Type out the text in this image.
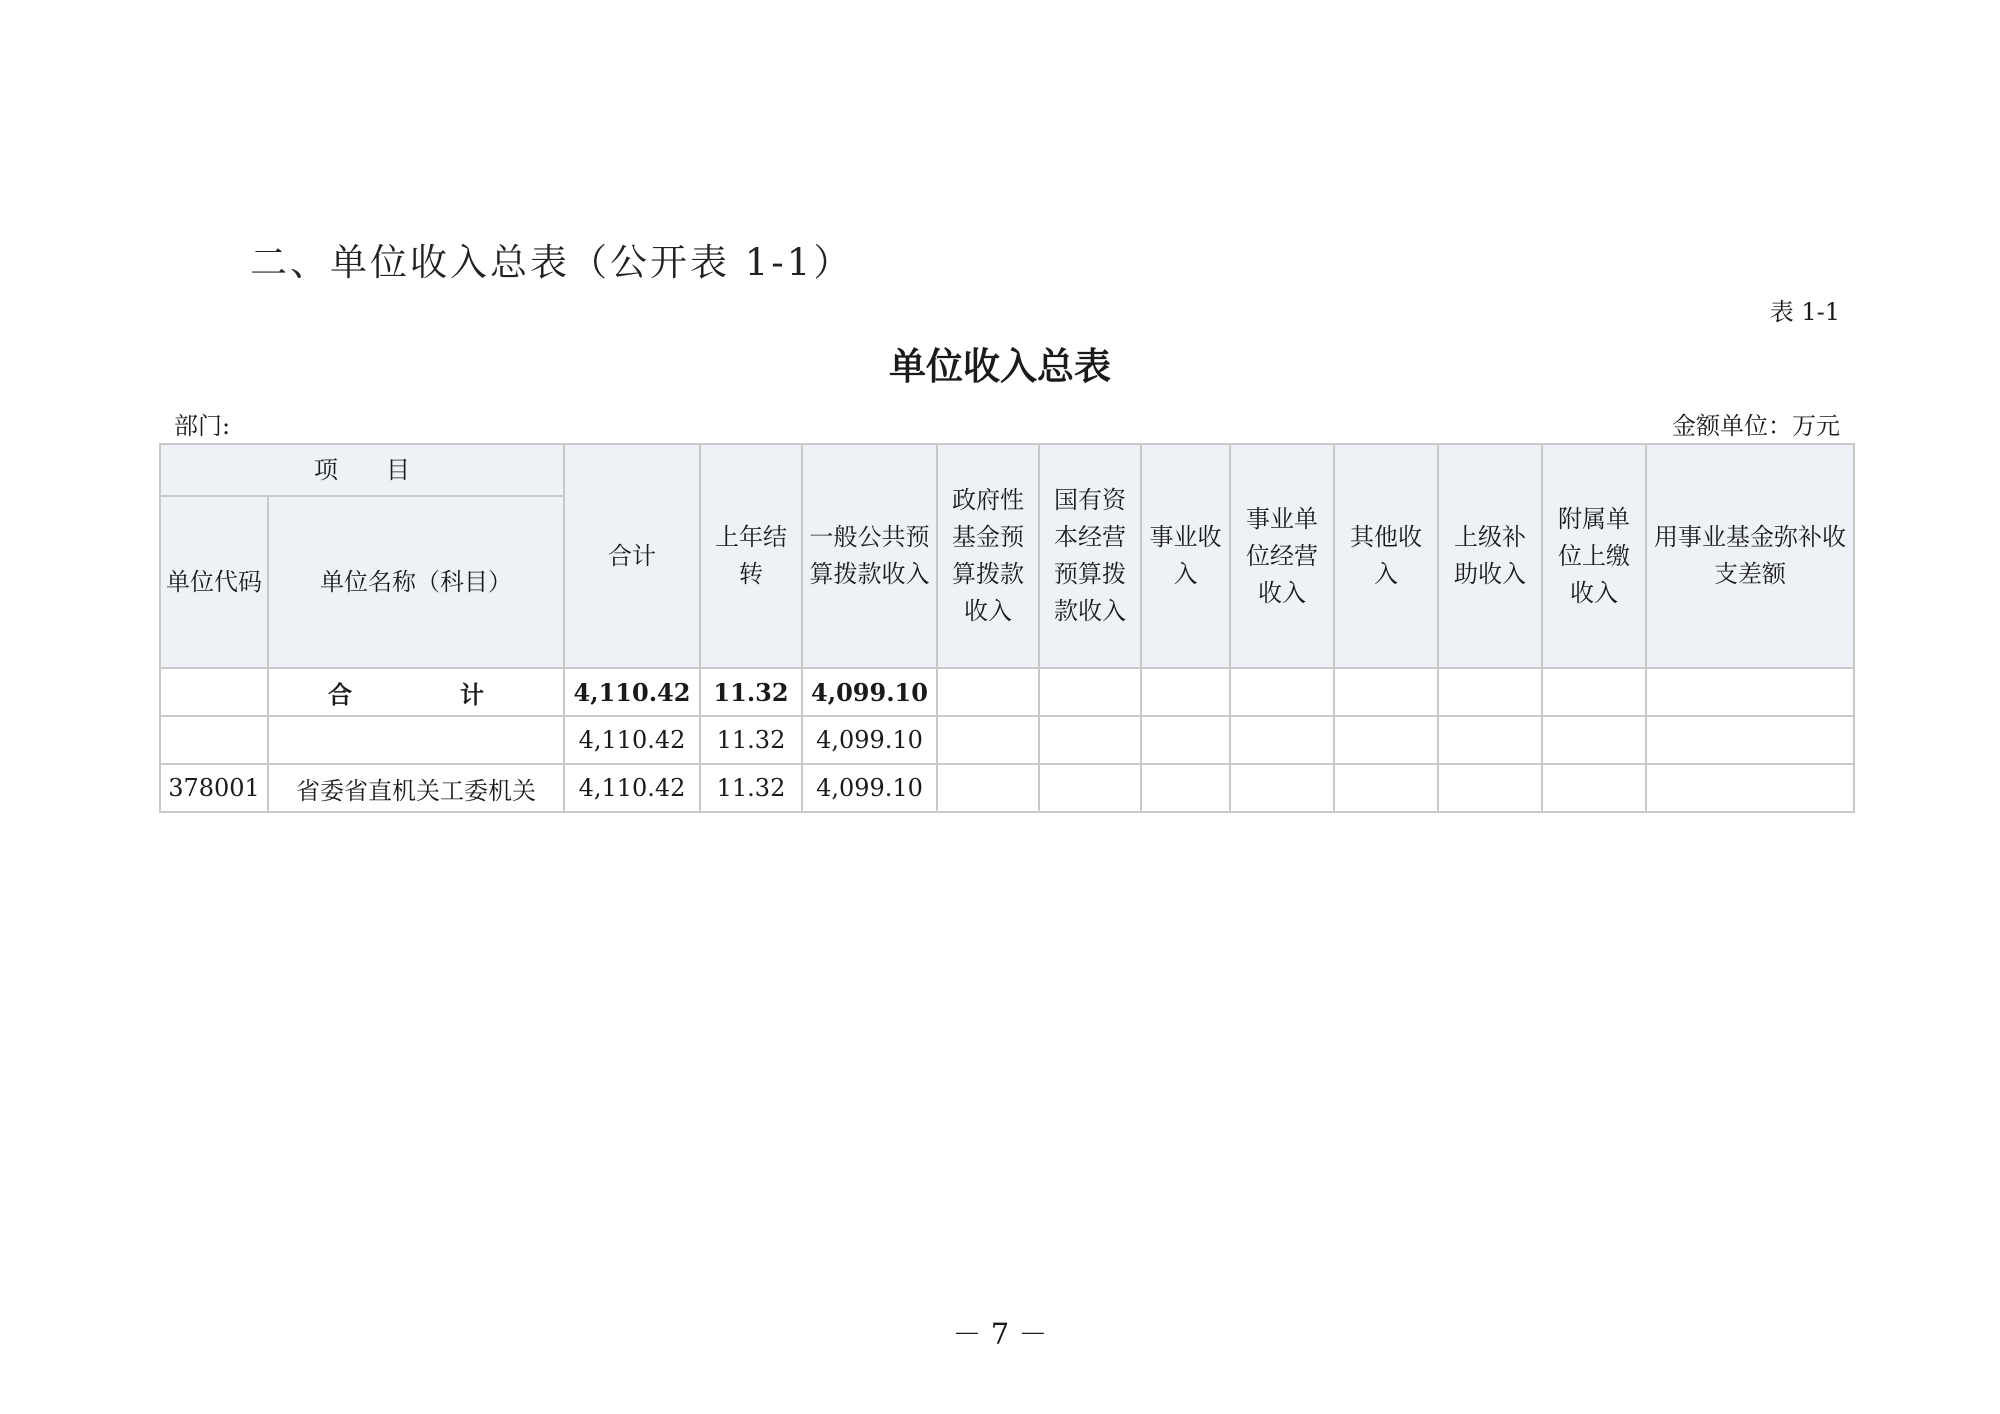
二、单位收入总表（公开表 1-1）
表 1-1
单位收入总表
部门:	金额单位：万元
项　　目		合计	上年结转	一般公共预算拨款收入	政府性基金预算拨款收入	国有资本经营预算拨款收入	事业收入	事业单位经营收入	其他收入	上级补助收入	附属单位上缴收入	用事业基金弥补收支差额
单位代码	单位名称（科目）											
	合　　计	4,110.42	11.32	4,099.10								
		4,110.42	11.32	4,099.10								
378001	省委省直机关工委机关	4,110.42	11.32	4,099.10								
－ 7 －
